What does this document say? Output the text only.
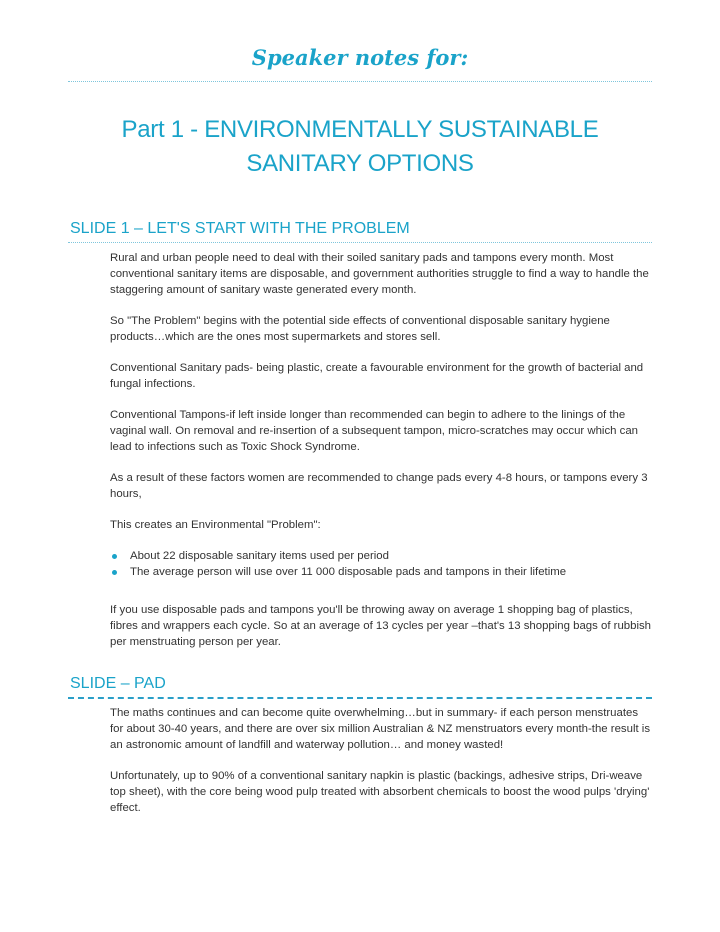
Speaker notes for:
Part 1 - ENVIRONMENTALLY SUSTAINABLE SANITARY OPTIONS
SLIDE 1 – LET'S START WITH THE PROBLEM

Rural and urban people need to deal with their soiled sanitary pads and tampons every month. Most conventional sanitary items are disposable, and government authorities struggle to find a way to handle the staggering amount of sanitary waste generated every month.

So "The Problem" begins with the potential side effects of conventional disposable sanitary hygiene products…which are the ones most supermarkets and stores sell.

Conventional Sanitary pads- being plastic, create a favourable environment for the growth of bacterial and fungal infections.

Conventional Tampons-if left inside longer than recommended can begin to adhere to the linings of the vaginal wall. On removal and re-insertion of a subsequent tampon, micro-scratches may occur which can lead to infections such as Toxic Shock Syndrome.

As a result of these factors women are recommended to change pads every 4-8 hours, or tampons every 3 hours,

This creates an Environmental "Problem":

About 22 disposable sanitary items used per period
The average person will use over 11 000 disposable pads and tampons in their lifetime

If you use disposable pads and tampons you'll be throwing away on average 1 shopping bag of plastics, fibres and wrappers each cycle. So at an average of 13 cycles per year –that's 13 shopping bags of rubbish per menstruating person per year.

SLIDE – PAD

The maths continues and can become quite overwhelming…but in summary- if each person menstruates for about 30-40 years, and there are over six million Australian & NZ menstruators every month-the result is an astronomic amount of landfill and waterway pollution… and money wasted!

Unfortunately, up to 90% of a conventional sanitary napkin is plastic (backings, adhesive strips, Dri-weave top sheet), with the core being wood pulp treated with absorbent chemicals to boost the wood pulps 'drying' effect.
